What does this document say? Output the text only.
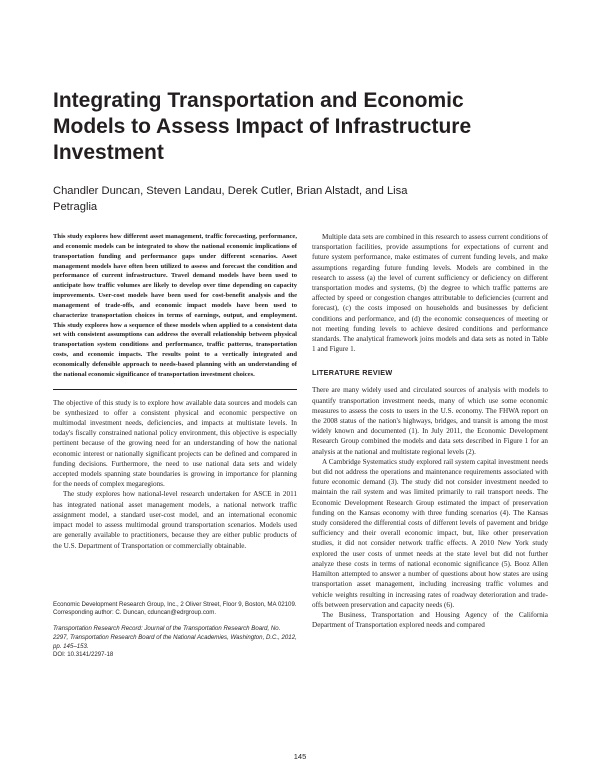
Integrating Transportation and Economic Models to Assess Impact of Infrastructure Investment
Chandler Duncan, Steven Landau, Derek Cutler, Brian Alstadt, and Lisa Petraglia

This study explores how different asset management, traffic forecasting, performance, and economic models can be integrated to show the national economic implications of transportation funding and performance gaps under different scenarios. Asset management models have often been utilized to assess and forecast the condition and performance of current infrastructure. Travel demand models have been used to anticipate how traffic volumes are likely to develop over time depending on capacity improvements. User-cost models have been used for cost-benefit analysis and the management of trade-offs, and economic impact models have been used to characterize transportation choices in terms of earnings, output, and employment. This study explores how a sequence of these models when applied to a consistent data set with consistent assumptions can address the overall relationship between physical transportation system conditions and performance, traffic patterns, transportation costs, and economic impacts. The results point to a vertically integrated and economically defensible approach to needs-based planning with an understanding of the national economic significance of transportation investment choices.

The objective of this study is to explore how available data sources and models can be synthesized to offer a consistent physical and economic perspective on multimodal investment needs, deficiencies, and impacts at multistate levels. In today's fiscally constrained national policy environment, this objective is especially pertinent because of the growing need for an understanding of how the national economic interest or nationally significant projects can be defined and compared in funding decisions. Furthermore, the need to use national data sets and widely accepted models spanning state boundaries is growing in importance for planning for the needs of complex megaregions.

The study explores how national-level research undertaken for ASCE in 2011 has integrated national asset management models, a national network traffic assignment model, a standard user-cost model, and an international economic impact model to assess multimodal ground transportation scenarios. Models used are generally available to practitioners, because they are either public products of the U.S. Department of Transportation or commercially obtainable.

Economic Development Research Group, Inc., 2 Oliver Street, Floor 9, Boston, MA 02109. Corresponding author: C. Duncan, cduncan@edrgroup.com.

Transportation Research Record: Journal of the Transportation Research Board, No. 2297, Transportation Research Board of the National Academies, Washington, D.C., 2012, pp. 145–153.

DOI: 10.3141/2297-18

Multiple data sets are combined in this research to assess current conditions of transportation facilities, provide assumptions for expectations of current and future system performance, make estimates of current funding levels, and make assumptions regarding future funding levels. Models are combined in the research to assess (a) the level of current sufficiency or deficiency on different transportation modes and systems, (b) the degree to which traffic patterns are affected by speed or congestion changes attributable to deficiencies (current and forecast), (c) the costs imposed on households and businesses by deficient conditions and performance, and (d) the economic consequences of meeting or not meeting funding levels to achieve desired conditions and performance standards. The analytical framework joins models and data sets as noted in Table 1 and Figure 1.

LITERATURE REVIEW

There are many widely used and circulated sources of analysis with models to quantify transportation investment needs, many of which use some economic measures to assess the costs to users in the U.S. economy. The FHWA report on the 2008 status of the nation's highways, bridges, and transit is among the most widely known and documented (1). In July 2011, the Economic Development Research Group combined the models and data sets described in Figure 1 for an analysis at the national and multistate regional levels (2).

A Cambridge Systematics study explored rail system capital investment needs but did not address the operations and maintenance requirements associated with future economic demand (3). The study did not consider investment needed to maintain the rail system and was limited primarily to rail transport needs. The Economic Development Research Group estimated the impact of preservation funding on the Kansas economy with three funding scenarios (4). The Kansas study considered the differential costs of different levels of pavement and bridge sufficiency and their overall economic impact, but, like other preservation studies, it did not consider network traffic effects. A 2010 New York study explored the user costs of unmet needs at the state level but did not further analyze these costs in terms of national economic significance (5). Booz Allen Hamilton attempted to answer a number of questions about how states are using transportation asset management, including increasing traffic volumes and vehicle weights resulting in increasing rates of roadway deterioration and trade-offs between preservation and capacity needs (6).

The Business, Transportation and Housing Agency of the California Department of Transportation explored needs and compared

145
